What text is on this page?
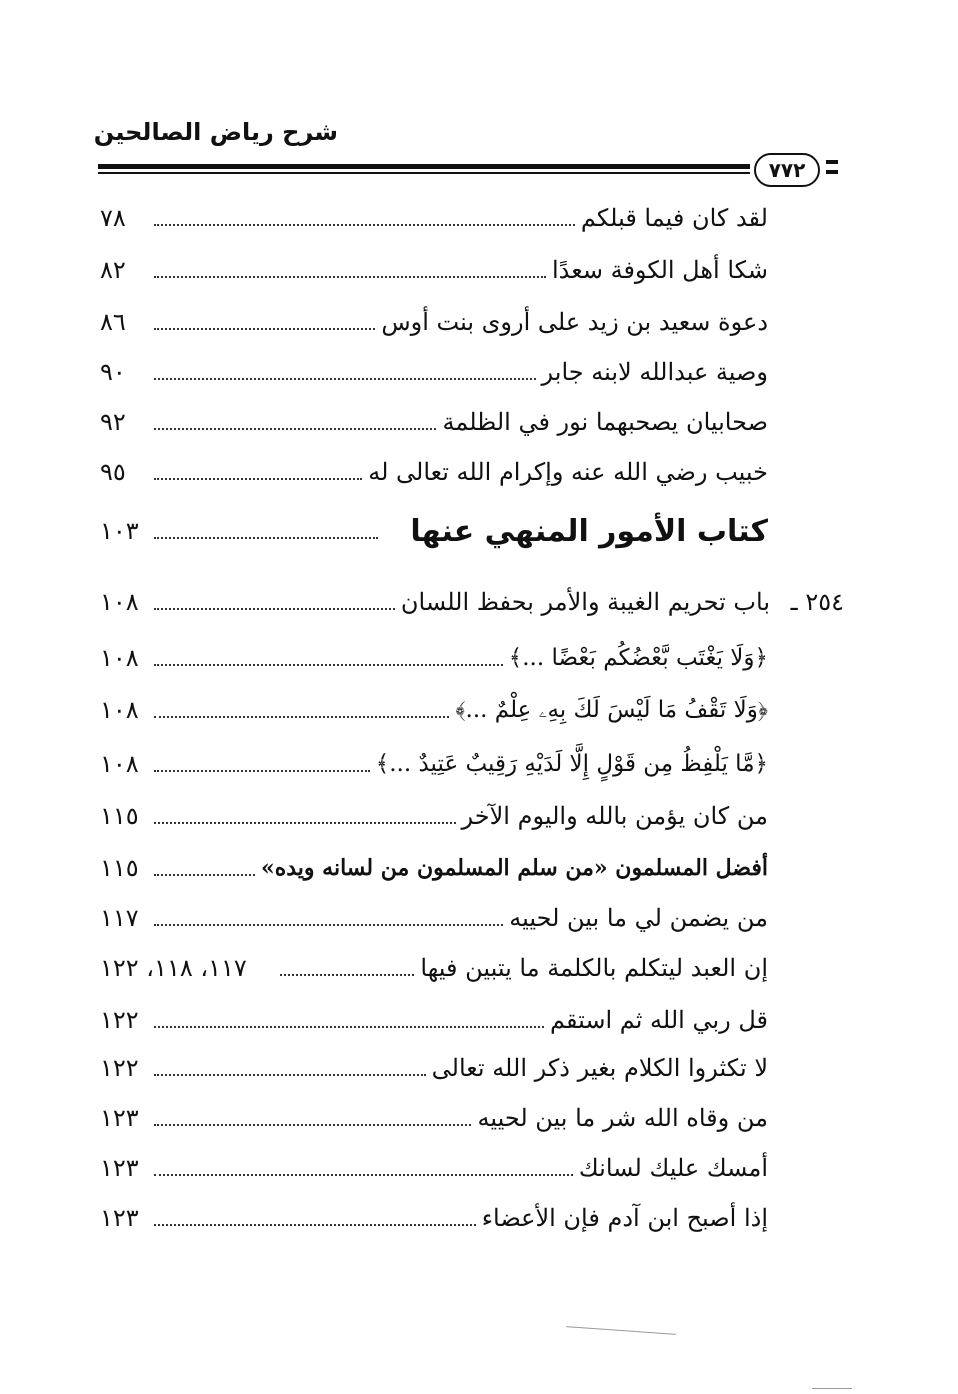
شرح رياض الصالحين
٧٧٢
لقد كان فيما قبلكم
٧٨
شكا أهل الكوفة سعدًا
٨٢
دعوة سعيد بن زيد على أروى بنت أوس
٨٦
وصية عبدالله لابنه جابر
٩٠
صحابيان يصحبهما نور في الظلمة
٩٢
خبيب رضي الله عنه وإكرام الله تعالى له
٩٥
كتاب الأمور المنهي عنها
١٠٣
٢٥٤ ـ
باب تحريم الغيبة والأمر بحفظ اللسان
١٠٨
﴿وَلَا يَغْتَب بَّعْضُكُم بَعْضًا ...﴾
١٠٨
﴿وَلَا تَقْفُ مَا لَيْسَ لَكَ بِهِۦ عِلْمٌ ...﴾
١٠٨
﴿مَّا يَلْفِظُ مِن قَوْلٍ إِلَّا لَدَيْهِ رَقِيبٌ عَتِيدٌ ...﴾
١٠٨
من كان يؤمن بالله واليوم الآخر
١١٥
أفضل المسلمون «من سلم المسلمون من لسانه ويده»
١١٥
من يضمن لي ما بين لحييه
١١٧
إن العبد ليتكلم بالكلمة ما يتبين فيها
١١٧، ١١٨، ١٢٢
قل ربي الله ثم استقم
١٢٢
لا تكثروا الكلام بغير ذكر الله تعالى
١٢٢
من وقاه الله شر ما بين لحييه
١٢٣
أمسك عليك لسانك
١٢٣
إذا أصبح ابن آدم فإن الأعضاء
١٢٣
